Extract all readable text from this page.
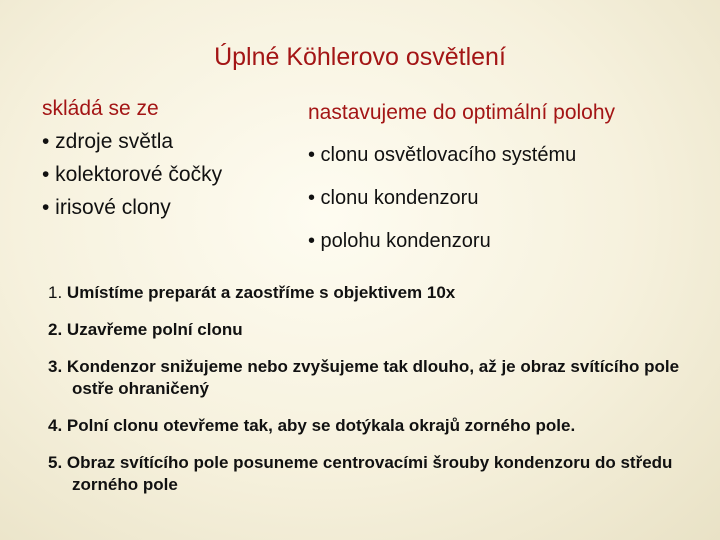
Úplné Köhlerovo osvětlení
skládá se ze
• zdroje světla
• kolektorové čočky
• irisové clony
nastavujeme do optimální polohy
• clonu osvětlovacího systému
• clonu kondenzoru
• polohu kondenzoru
1. Umístíme preparát a zaostříme s objektivem 10x
2. Uzavřeme polní clonu
3. Kondenzor snižujeme nebo zvyšujeme tak dlouho, až je obraz svítícího pole ostře ohraničený
4. Polní clonu otevřeme tak, aby se dotýkala okrajů zorného pole.
5. Obraz svítícího pole posuneme centrovacími šrouby kondenzoru do středu zorného pole
